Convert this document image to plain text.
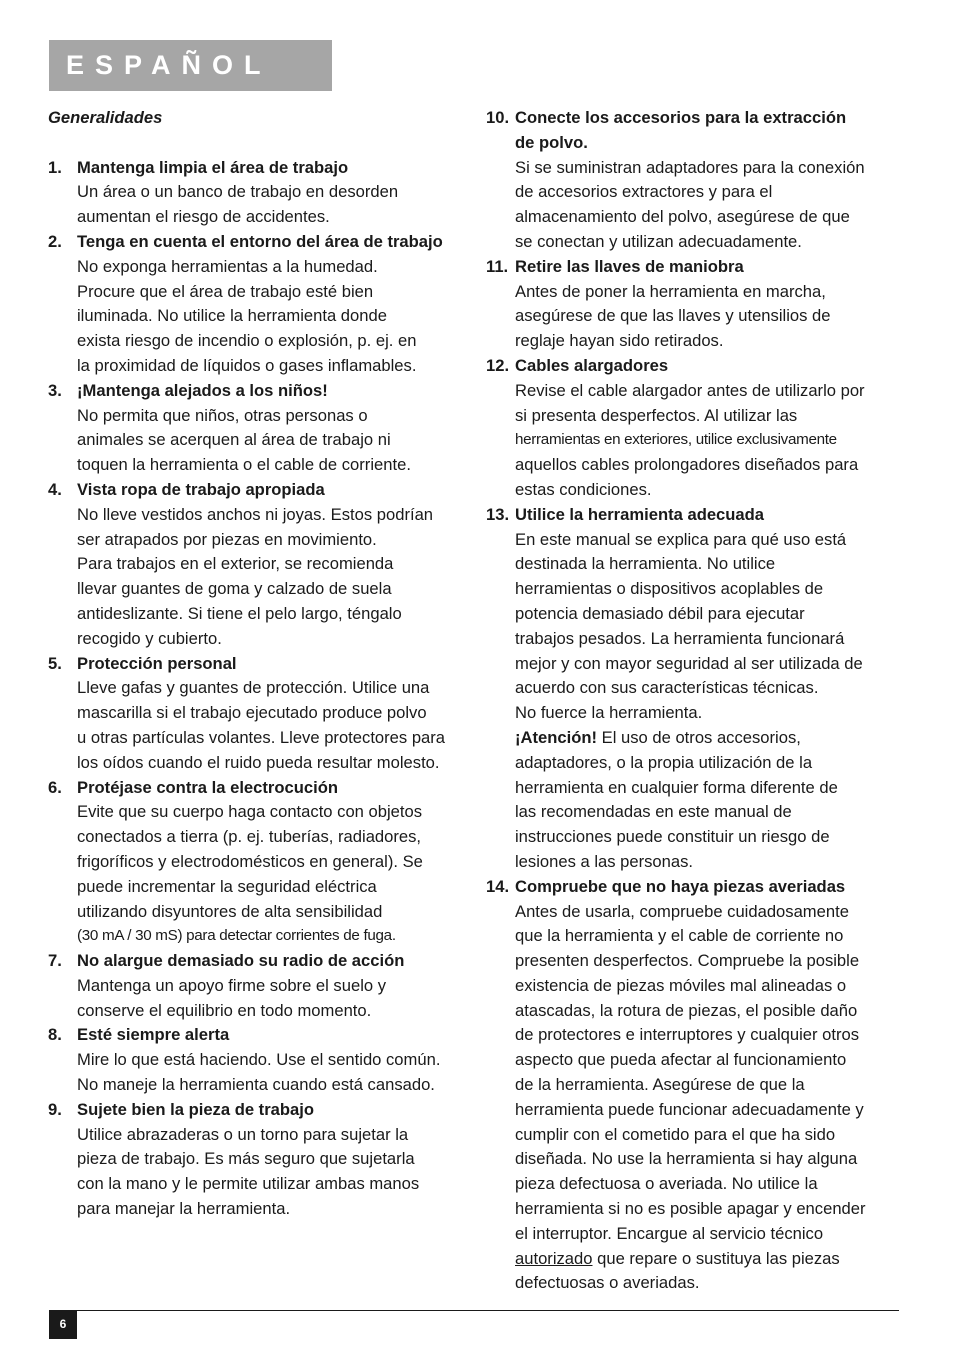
ESPAÑOL
Generalidades
1. Mantenga limpia el área de trabajo

Un área o un banco de trabajo en desorden

aumentan el riesgo de accidentes.

2. Tenga en cuenta el entorno del área de trabajo

No exponga herramientas a la humedad.

Procure que el área de trabajo esté bien

iluminada. No utilice la herramienta donde

exista riesgo de incendio o explosión, p. ej. en

la proximidad de líquidos o gases inflamables.

3. ¡Mantenga alejados a los niños!

No permita que niños, otras personas o

animales se acerquen al área de trabajo ni

toquen la herramienta o el cable de corriente.

4. Vista ropa de trabajo apropiada

No lleve vestidos anchos ni joyas. Estos podrían

ser atrapados por piezas en movimiento.

Para trabajos en el exterior, se recomienda

llevar guantes de goma y calzado de suela

antideslizante. Si tiene el pelo largo, téngalo

recogido y cubierto.

5. Protección personal

Lleve gafas y guantes de protección. Utilice una

mascarilla si el trabajo ejecutado produce polvo

u otras partículas volantes. Lleve protectores para

los oídos cuando el ruido pueda resultar molesto.

6. Protéjase contra la electrocución

Evite que su cuerpo haga contacto con objetos

conectados a tierra (p. ej. tuberías, radiadores,

frigoríficos y electrodomésticos en general). Se

puede incrementar la seguridad eléctrica

utilizando disyuntores de alta sensibilidad

(30 mA / 30 mS) para detectar corrientes de fuga.

7. No alargue demasiado su radio de acción

Mantenga un apoyo firme sobre el suelo y

conserve el equilibrio en todo momento.

8. Esté siempre alerta

Mire lo que está haciendo. Use el sentido común.

No maneje la herramienta cuando está cansado.

9. Sujete bien la pieza de trabajo

Utilice abrazaderas o un torno para sujetar la

pieza de trabajo. Es más seguro que sujetarla

con la mano y le permite utilizar ambas manos

para manejar la herramienta.

10. Conecte los accesorios para la extracción

de polvo.

Si se suministran adaptadores para la conexión

de accesorios extractores y para el

almacenamiento del polvo, asegúrese de que

se conectan y utilizan adecuadamente.

11. Retire las llaves de maniobra

Antes de poner la herramienta en marcha,

asegúrese de que las llaves y utensilios de

reglaje hayan sido retirados.

12. Cables alargadores

Revise el cable alargador antes de utilizarlo por

si presenta desperfectos. Al utilizar las

herramientas en exteriores, utilice exclusivamente

aquellos cables prolongadores diseñados para

estas condiciones.

13. Utilice la herramienta adecuada

En este manual se explica para qué uso está

destinada la herramienta. No utilice

herramientas o dispositivos acoplables de

potencia demasiado débil para ejecutar

trabajos pesados. La herramienta funcionará

mejor y con mayor seguridad al ser utilizada de

acuerdo con sus características técnicas.

No fuerce la herramienta.

¡Atención! El uso de otros accesorios,

adaptadores, o la propia utilización de la

herramienta en cualquier forma diferente de

las recomendadas en este manual de

instrucciones puede constituir un riesgo de

lesiones a las personas.

14. Compruebe que no haya piezas averiadas

Antes de usarla, compruebe cuidadosamente

que la herramienta y el cable de corriente no

presenten desperfectos. Compruebe la posible

existencia de piezas móviles mal alineadas o

atascadas, la rotura de piezas, el posible daño

de protectores e interruptores y cualquier otros

aspecto que pueda afectar al funcionamiento

de la herramienta. Asegúrese de que la

herramienta puede funcionar adecuadamente y

cumplir con el cometido para el que ha sido

diseñada. No use la herramienta si hay alguna

pieza defectuosa o averiada. No utilice la

herramienta si no es posible apagar y encender

el interruptor. Encargue al servicio técnico

autorizado que repare o sustituya las piezas

defectuosas o averiadas.

6
